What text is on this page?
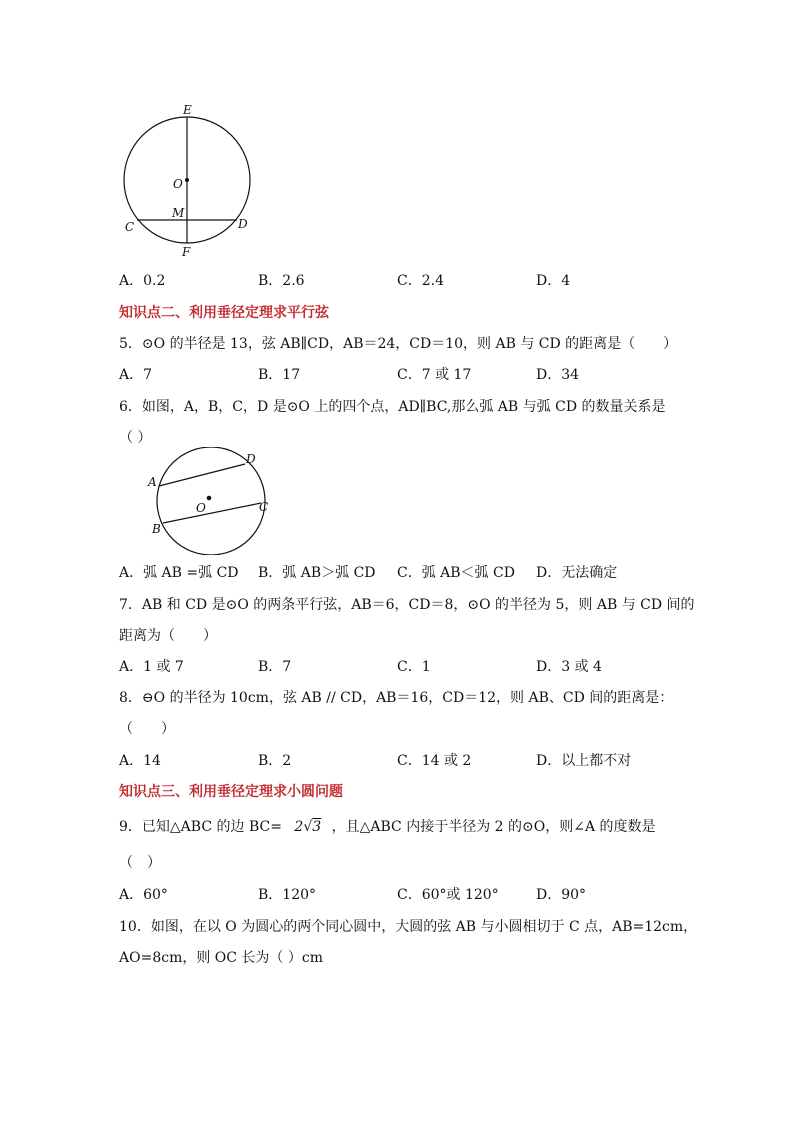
E
O
M
C	D
F
A．0.2	B．2.6	C．2.4	D．4
知识点二、利用垂径定理求平行弦
5．⊙O 的半径是 13，弦 AB∥CD，AB＝24，CD＝10，则 AB 与 CD 的距离是（　　）
A．7	B．17	C．7 或 17	D．34
6．如图，A，B，C，D 是⊙O 上的四个点，AD∥BC,那么弧 AB 与弧 CD 的数量关系是
（ ）
A
B
C
D
O
A．弧 AB =弧 CD B．弧 AB＞弧 CD C．弧 AB＜弧 CD D．无法确定
7．AB 和 CD 是⊙O 的两条平行弦，AB＝6，CD＝8，⊙O 的半径为 5，则 AB 与 CD 间的
距离为（　　）
A．1 或 7	B．7	C．1	D．3 或 4
8．⊖O 的半径为 10cm，弦 AB // CD，AB＝16，CD＝12，则 AB、CD 间的距离是：
（　　）
A．14	B．2	C．14 或 2	D．以上都不对
知识点三、利用垂径定理求小圆问题
9．已知△ABC 的边 BC= 2√3 ，且△ABC 内接于半径为 2 的⊙O，则∠A 的度数是
（　）
A．60°	B．120°	C．60°或 120°	D．90°
10．如图，在以 O 为圆心的两个同心圆中，大圆的弦 AB 与小圆相切于 C 点，AB=12cm，
AO=8cm，则 OC 长为（ ）cm
